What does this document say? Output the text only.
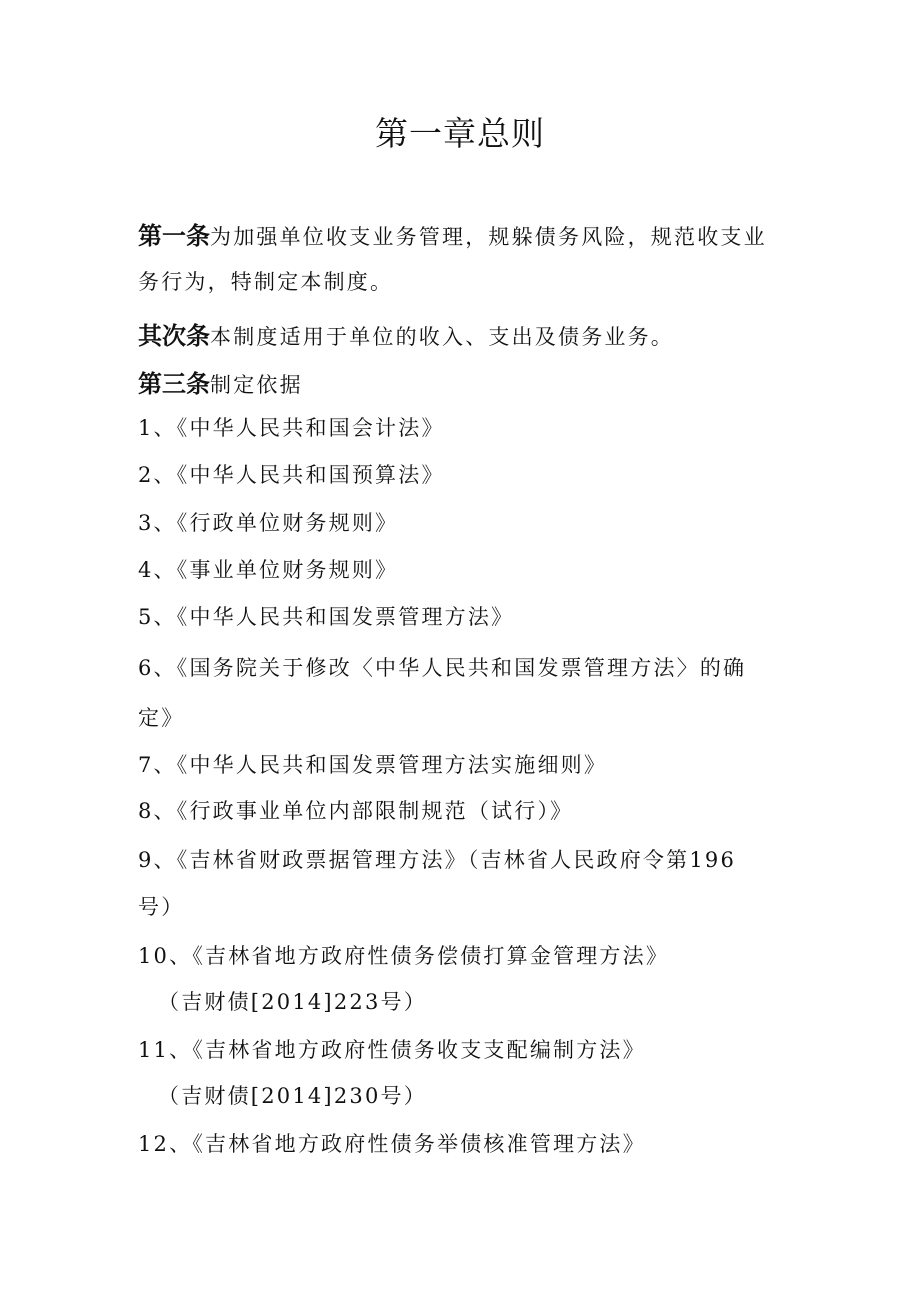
第一章总则
第一条为加强单位收支业务管理，规躲债务风险，规范收支业
务行为，特制定本制度。
其次条本制度适用于单位的收入、支出及债务业务。
第三条制定依据
1、《中华人民共和国会计法》
2、《中华人民共和国预算法》
3、《行政单位财务规则》
4、《事业单位财务规则》
5、《中华人民共和国发票管理方法》
6、《国务院关于修改〈中华人民共和国发票管理方法〉的确
定》
7、《中华人民共和国发票管理方法实施细则》
8、《行政事业单位内部限制规范（试行）》
9、《吉林省财政票据管理方法》（吉林省人民政府令第196
号）
10、《吉林省地方政府性债务偿债打算金管理方法》
（吉财债[2014]223号）
11、《吉林省地方政府性债务收支支配编制方法》
（吉财债[2014]230号）
12、《吉林省地方政府性债务举债核准管理方法》
